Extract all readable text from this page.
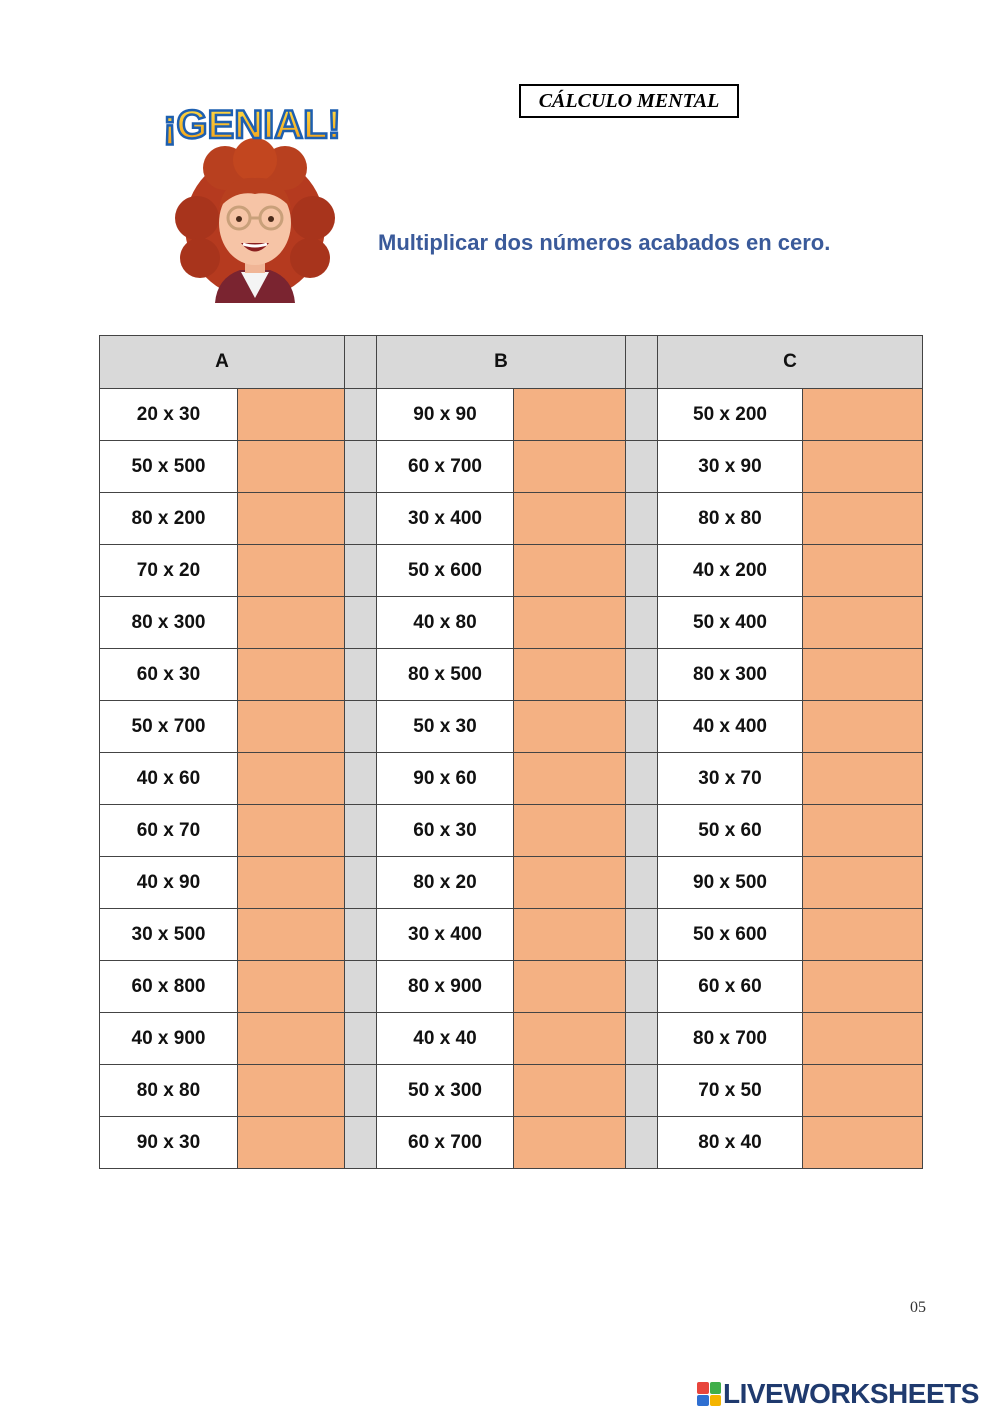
¡GENIAL!
CÁLCULO MENTAL
Multiplicar dos números acabados en cero.
A			B			C	
20 x 30			90 x 90			50 x 200	
50 x 500			60 x 700			30 x 90	
80 x 200			30 x 400			80 x 80	
70 x 20			50 x 600			40 x 200	
80 x 300			40 x 80			50 x 400	
60 x 30			80 x 500			80 x 300	
50 x 700			50 x 30			40 x 400	
40 x 60			90 x 60			30 x 70	
60 x 70			60 x 30			50 x 60	
40 x 90			80 x 20			90 x 500	
30 x 500			30 x 400			50 x 600	
60 x 800			80 x 900			60 x 60	
40 x 900			40 x 40			80 x 700	
80 x 80			50 x 300			70 x 50	
90 x 30			60 x 700			80 x 40	
05
LIVEWORKSHEETS
